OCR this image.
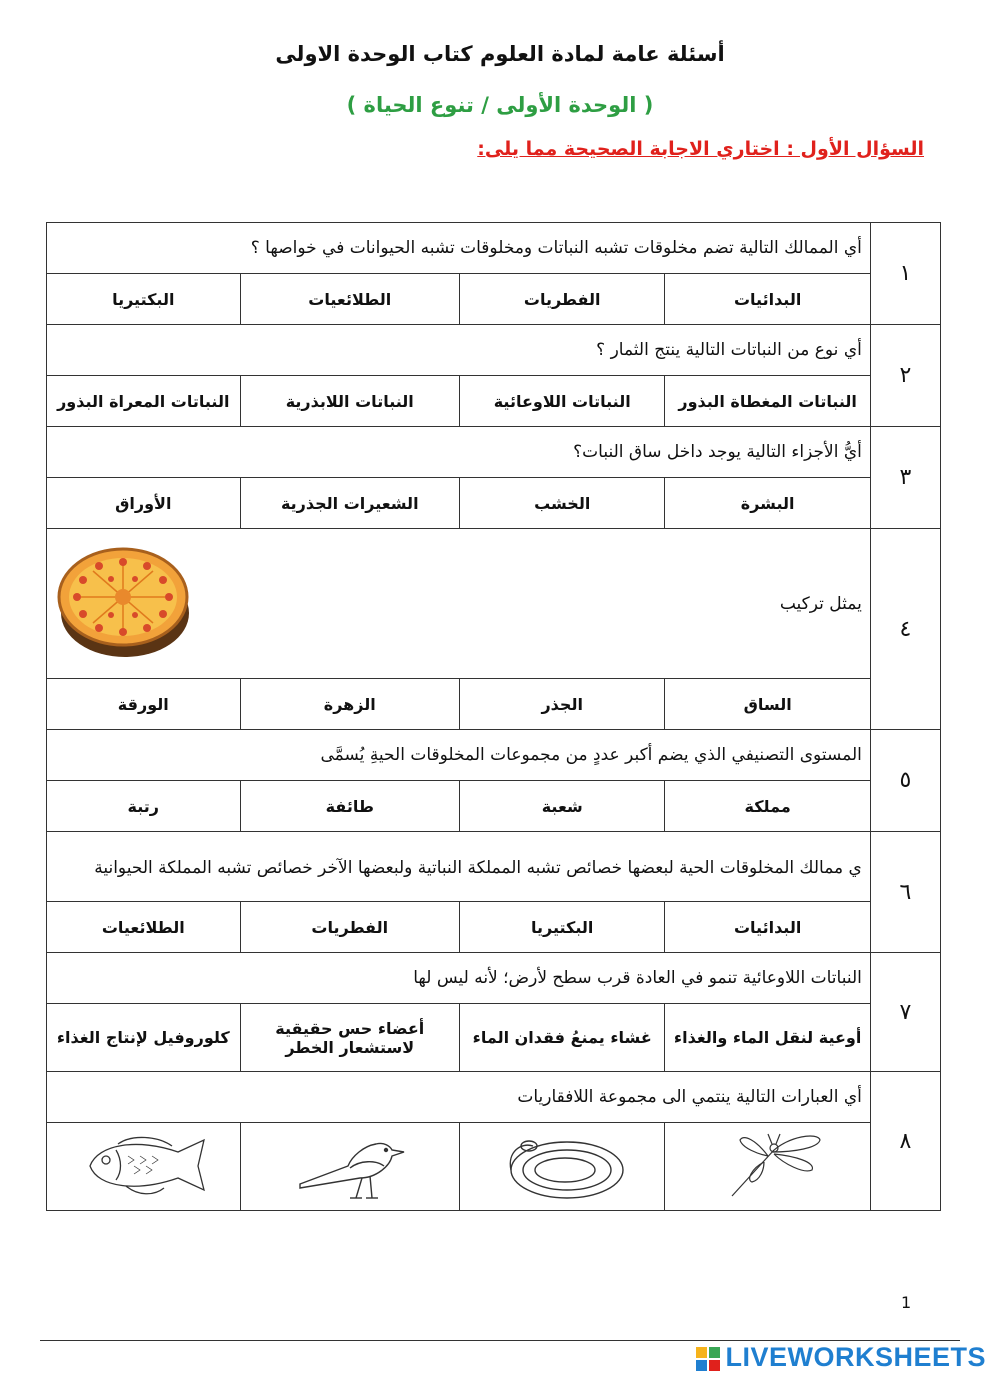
أسئلة عامة لمادة العلوم كتاب الوحدة الاولى
( الوحدة الأولى / تنوع الحياة )
السؤال الأول : اختاري الاجابة الصحيحة مما يلى:
١	أي الممالك التالية تضم مخلوقات تشبه النباتات ومخلوقات تشبه الحيوانات في خواصها ؟			
	البدائيات	الفطريات	الطلائعيات	البكتيريا
٢	أي نوع من النباتات التالية ينتج الثمار ؟			
	النباتات المغطاة البذور	النباتات اللاوعائية	النباتات اللابذرية	النباتات المعراة البذور
٣	أيُّ الأجزاء التالية يوجد داخل ساق النبات؟			
	البشرة	الخشب	الشعيرات الجذرية	الأوراق
٤	يمثل تركيب			

	الساق	الجذر	الزهرة	الورقة
٥	المستوى التصنيفي الذي يضم أكبر عددٍ من مجموعات المخلوقات الحيةِ يُسمَّى			
	مملكة	شعبة	طائفة	رتبة
٦	ي ممالك المخلوقات الحية لبعضها خصائص تشبه المملكة النباتية ولبعضها الآخر خصائص تشبه المملكة الحيوانية			
	البدائيات	البكتيريا	الفطريات	الطلائعيات
٧	النباتات اللاوعائية تنمو في العادة قرب سطح لأرض؛ لأنه ليس لها			
	أوعية لنقل الماء والغذاء	غشاء يمنعُ فقدان الماء	أعضاء حس حقيقية لاستشعار الخطر	كلوروفيل لإنتاج الغذاء
٨	أي العبارات التالية ينتمي الى مجموعة اللافقاريات			

1
LIVEWORKSHEETS
